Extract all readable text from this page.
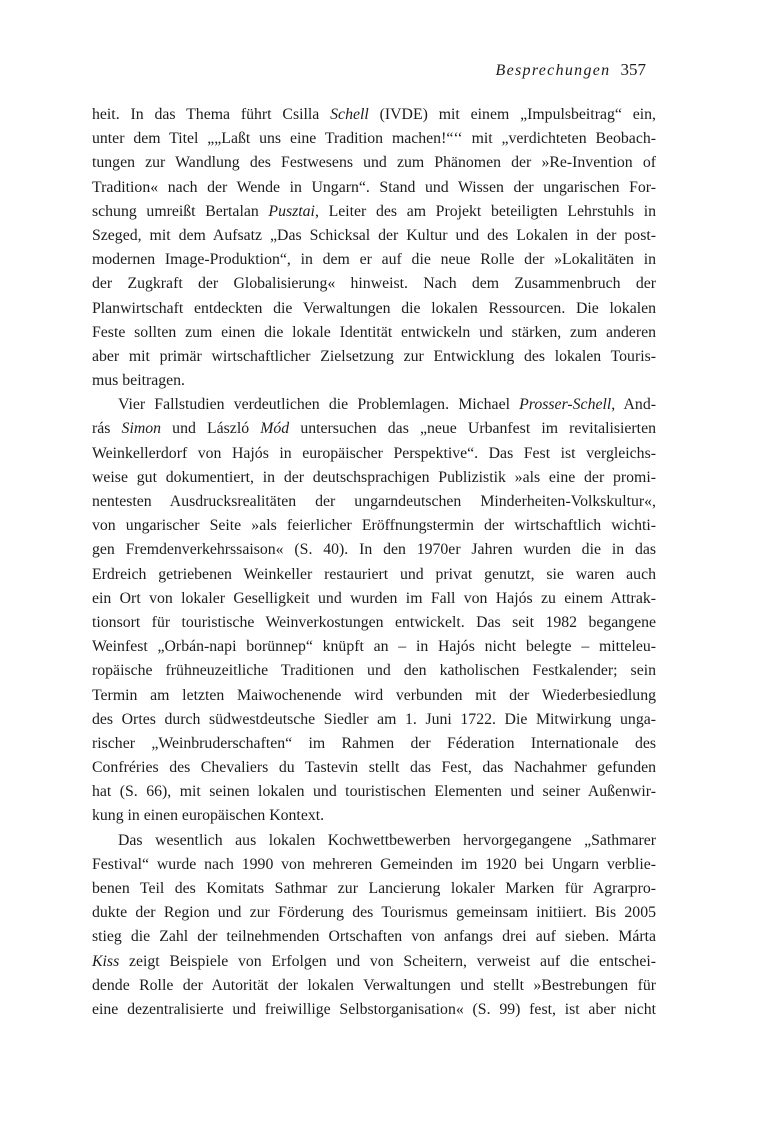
Besprechungen 357
heit. In das Thema führt Csilla Schell (IVDE) mit einem „Impulsbeitrag“ ein,
unter dem Titel „„Laßt uns eine Tradition machen!“‘‘ mit „verdichteten Beobach-
tungen zur Wandlung des Festwesens und zum Phänomen der »Re-Invention of
Tradition« nach der Wende in Ungarn“. Stand und Wissen der ungarischen For-
schung umreißt Bertalan Pusztai, Leiter des am Projekt beteiligten Lehrstuhls in
Szeged, mit dem Aufsatz „Das Schicksal der Kultur und des Lokalen in der post-
modernen Image-Produktion“, in dem er auf die neue Rolle der »Lokalitäten in
der Zugkraft der Globalisierung« hinweist. Nach dem Zusammenbruch der
Planwirtschaft entdeckten die Verwaltungen die lokalen Ressourcen. Die lokalen
Feste sollten zum einen die lokale Identität entwickeln und stärken, zum anderen
aber mit primär wirtschaftlicher Zielsetzung zur Entwicklung des lokalen Touris-
mus beitragen.
Vier Fallstudien verdeutlichen die Problemlagen. Michael Prosser-Schell, And-
rás Simon und László Mód untersuchen das „neue Urbanfest im revitalisierten
Weinkellerdorf von Hajós in europäischer Perspektive“. Das Fest ist vergleichs-
weise gut dokumentiert, in der deutschsprachigen Publizistik »als eine der promi-
nentesten Ausdrucksrealitäten der ungarndeutschen Minderheiten-Volkskultur«,
von ungarischer Seite »als feierlicher Eröffnungstermin der wirtschaftlich wichti-
gen Fremdenverkehrssaison« (S. 40). In den 1970er Jahren wurden die in das
Erdreich getriebenen Weinkeller restauriert und privat genutzt, sie waren auch
ein Ort von lokaler Geselligkeit und wurden im Fall von Hajós zu einem Attrak-
tionsort für touristische Weinverkostungen entwickelt. Das seit 1982 begangene
Weinfest „Orbán-napi borünnep“ knüpft an – in Hajós nicht belegte – mitteleu-
ropäische frühneuzeitliche Traditionen und den katholischen Festkalender; sein
Termin am letzten Maiwochenende wird verbunden mit der Wiederbesiedlung
des Ortes durch südwestdeutsche Siedler am 1. Juni 1722. Die Mitwirkung unga-
rischer „Weinbruderschaften“ im Rahmen der Féderation Internationale des
Confréries des Chevaliers du Tastevin stellt das Fest, das Nachahmer gefunden
hat (S. 66), mit seinen lokalen und touristischen Elementen und seiner Außenwir-
kung in einen europäischen Kontext.
Das wesentlich aus lokalen Kochwettbewerben hervorgegangene „Sathmarer
Festival“ wurde nach 1990 von mehreren Gemeinden im 1920 bei Ungarn verblie-
benen Teil des Komitats Sathmar zur Lancierung lokaler Marken für Agrarpro-
dukte der Region und zur Förderung des Tourismus gemeinsam initiiert. Bis 2005
stieg die Zahl der teilnehmenden Ortschaften von anfangs drei auf sieben. Márta
Kiss zeigt Beispiele von Erfolgen und von Scheitern, verweist auf die entschei-
dende Rolle der Autorität der lokalen Verwaltungen und stellt »Bestrebungen für
eine dezentralisierte und freiwillige Selbstorganisation« (S. 99) fest, ist aber nicht
